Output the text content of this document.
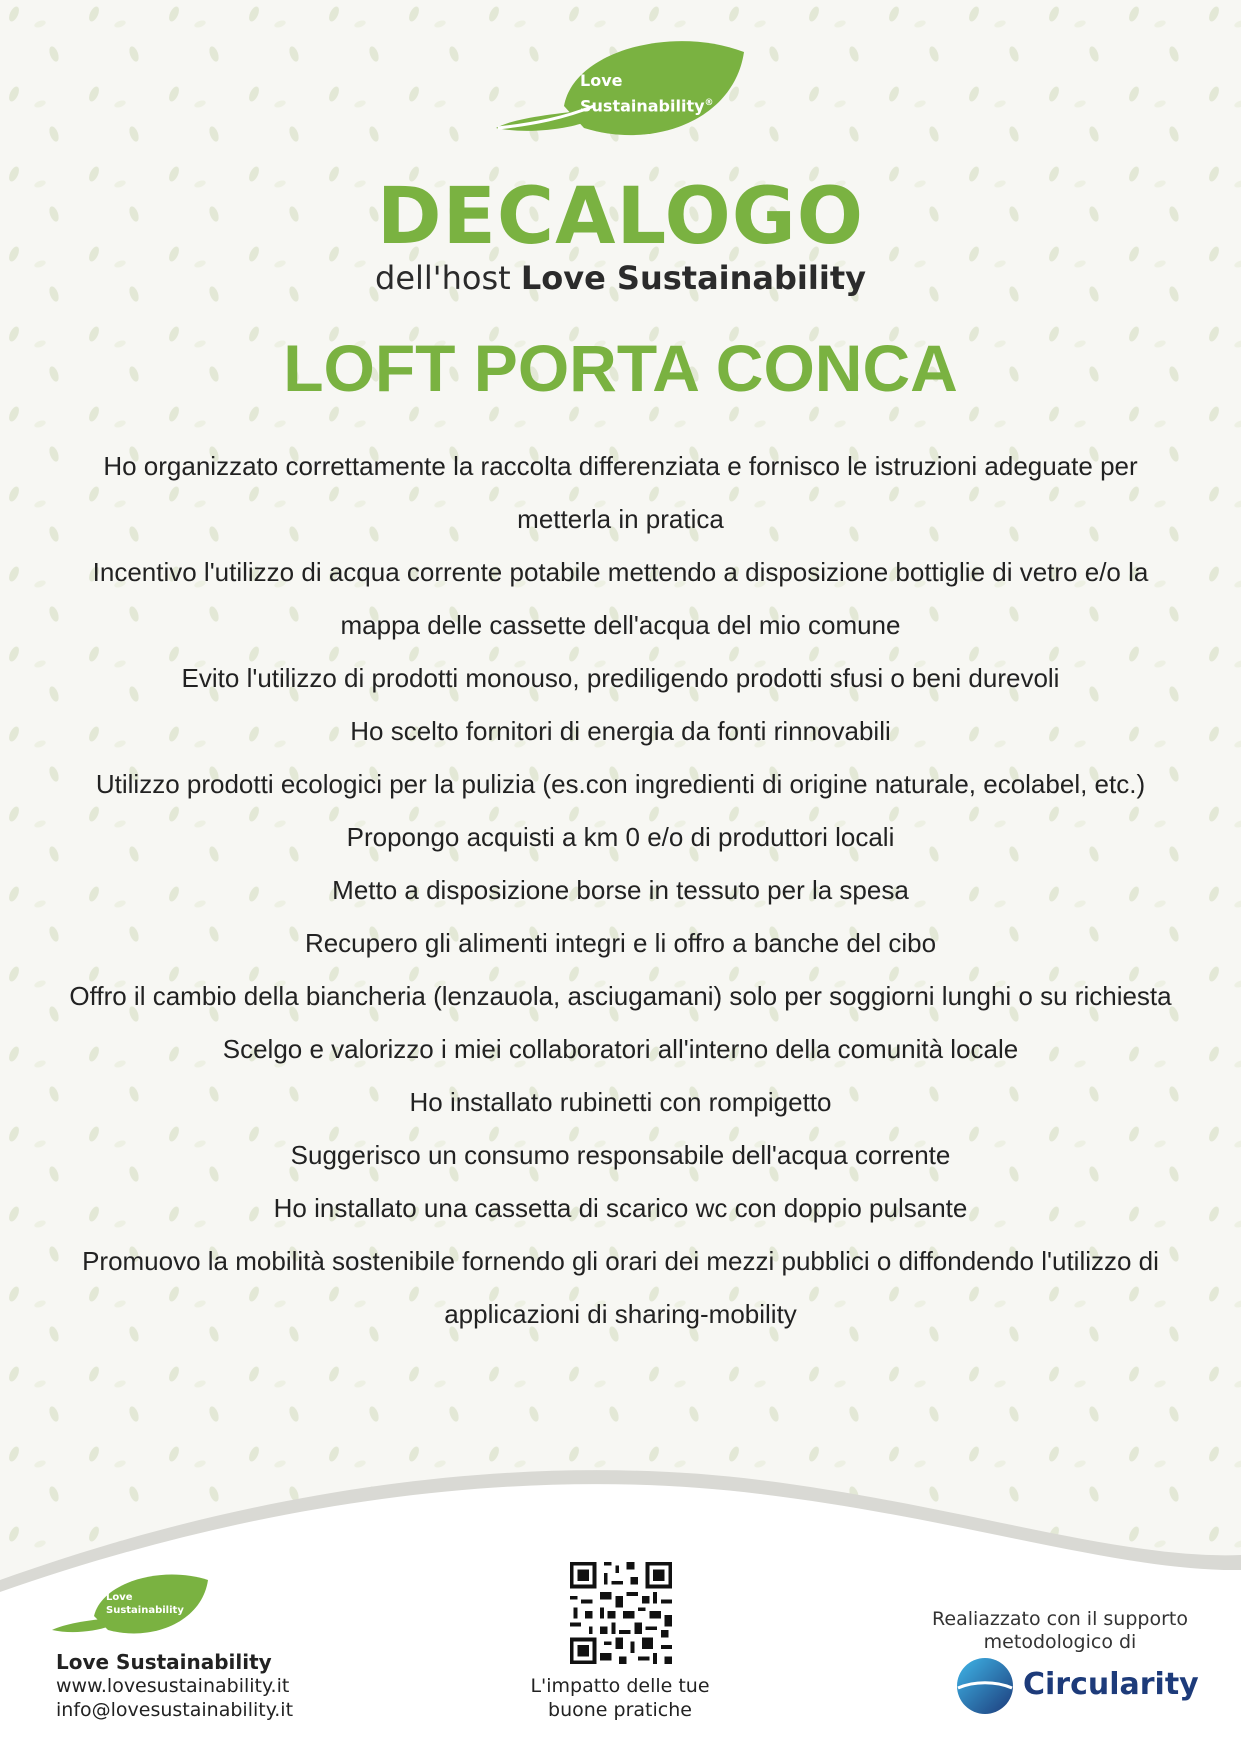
Love
Sustainability®
DECALOGO
dell'host Love Sustainability
LOFT PORTA CONCA
Ho organizzato correttamente la raccolta differenziata e fornisco le istruzioni adeguate per metterla in pratica
Incentivo l'utilizzo di acqua corrente potabile mettendo a disposizione bottiglie di vetro e/o la mappa delle cassette dell'acqua del mio comune
Evito l'utilizzo di prodotti monouso, prediligendo prodotti sfusi o beni durevoli
Ho scelto fornitori di energia da fonti rinnovabili
Utilizzo prodotti ecologici per la pulizia (es.con ingredienti di origine naturale, ecolabel, etc.)
Propongo acquisti a km 0 e/o di produttori locali
Metto a disposizione borse in tessuto per la spesa
Recupero gli alimenti integri e li offro a banche del cibo
Offro il cambio della biancheria (lenzauola, asciugamani) solo per soggiorni lunghi o su richiesta
Scelgo e valorizzo i miei collaboratori all'interno della comunità locale
Ho installato rubinetti con rompigetto
Suggerisco un consumo responsabile dell'acqua corrente
Ho installato una cassetta di scarico wc con doppio pulsante
Promuovo la mobilità sostenibile fornendo gli orari dei mezzi pubblici o diffondendo l'utilizzo di applicazioni di sharing-mobility
Love
Sustainability
Love Sustainability
www.lovesustainability.it
info@lovesustainability.it
L'impatto delle tue
buone pratiche
Realiazzato con il supporto
metodologico di
Circularity
